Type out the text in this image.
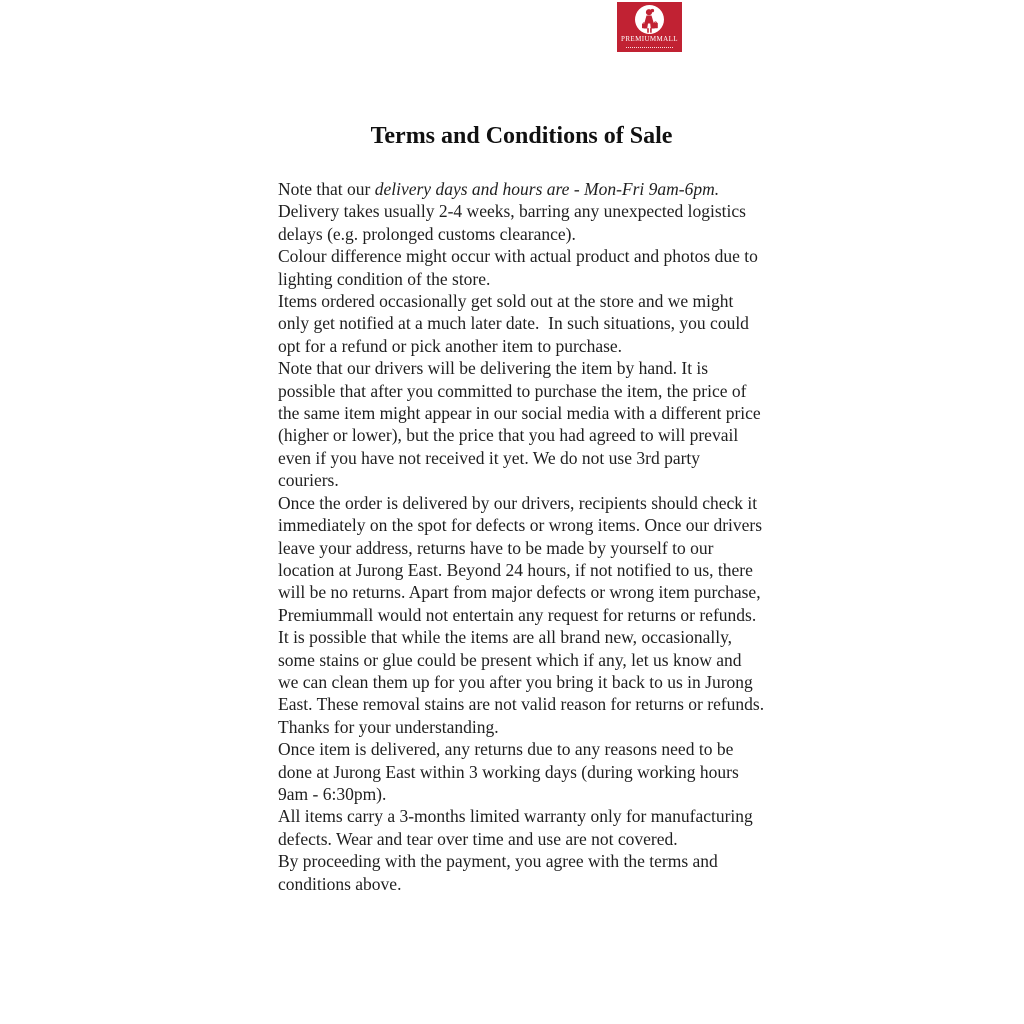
PREMIUMMALL
Terms and Conditions of Sale

Note that our delivery days and hours are - Mon-Fri 9am-6pm.

Delivery takes usually 2-4 weeks, barring any unexpected logistics delays (e.g. prolonged customs clearance).

Colour difference might occur with actual product and photos due to lighting condition of the store.

Items ordered occasionally get sold out at the store and we might only get notified at a much later date.  In such situations, you could opt for a refund or pick another item to purchase.

Note that our drivers will be delivering the item by hand. It is possible that after you committed to purchase the item, the price of the same item might appear in our social media with a different price (higher or lower), but the price that you had agreed to will prevail even if you have not received it yet. We do not use 3rd party couriers.

Once the order is delivered by our drivers, recipients should check it immediately on the spot for defects or wrong items. Once our drivers leave your address, returns have to be made by yourself to our location at Jurong East. Beyond 24 hours, if not notified to us, there will be no returns. Apart from major defects or wrong item purchase, Premiummall would not entertain any request for returns or refunds.

It is possible that while the items are all brand new, occasionally, some stains or glue could be present which if any, let us know and we can clean them up for you after you bring it back to us in Jurong East. These removal stains are not valid reason for returns or refunds. Thanks for your understanding.

Once item is delivered, any returns due to any reasons need to be done at Jurong East within 3 working days (during working hours 9am - 6:30pm).

All items carry a 3-months limited warranty only for manufacturing defects. Wear and tear over time and use are not covered.

By proceeding with the payment, you agree with the terms and conditions above.
